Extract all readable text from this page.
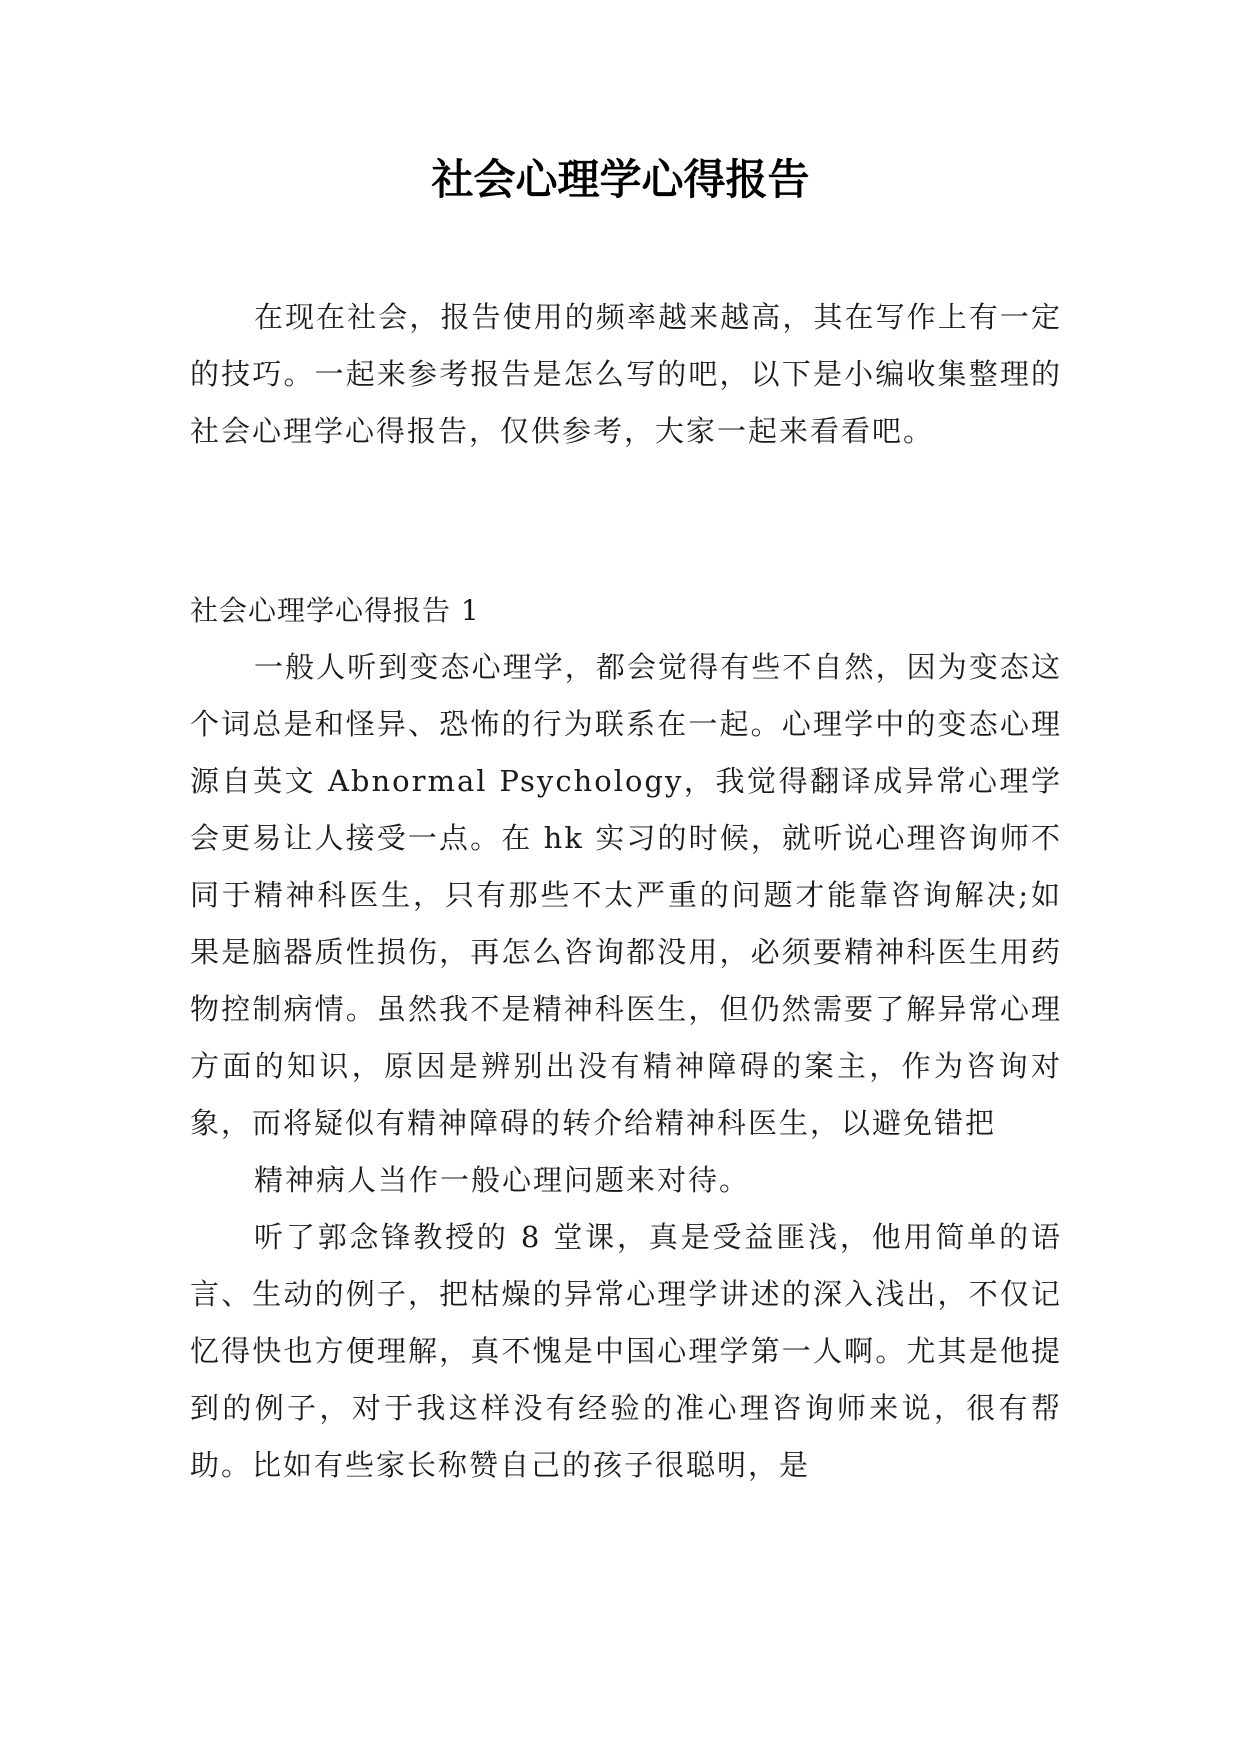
社会心理学心得报告

在现在社会，报告使用的频率越来越高，其在写作上有一定的技巧。一起来参考报告是怎么写的吧，以下是小编收集整理的社会心理学心得报告，仅供参考，大家一起来看看吧。

社会心理学心得报告 1

一般人听到变态心理学，都会觉得有些不自然，因为变态这个词总是和怪异、恐怖的行为联系在一起。心理学中的变态心理源自英文 Abnormal Psychology，我觉得翻译成异常心理学会更易让人接受一点。在 hk 实习的时候，就听说心理咨询师不同于精神科医生，只有那些不太严重的问题才能靠咨询解决;如果是脑器质性损伤，再怎么咨询都没用，必须要精神科医生用药物控制病情。虽然我不是精神科医生，但仍然需要了解异常心理方面的知识，原因是辨别出没有精神障碍的案主，作为咨询对象，而将疑似有精神障碍的转介给精神科医生，以避免错把

精神病人当作一般心理问题来对待。

听了郭念锋教授的 8 堂课，真是受益匪浅，他用简单的语言、生动的例子，把枯燥的异常心理学讲述的深入浅出，不仅记忆得快也方便理解，真不愧是中国心理学第一人啊。尤其是他提到的例子，对于我这样没有经验的准心理咨询师来说，很有帮助。比如有些家长称赞自己的孩子很聪明，是
